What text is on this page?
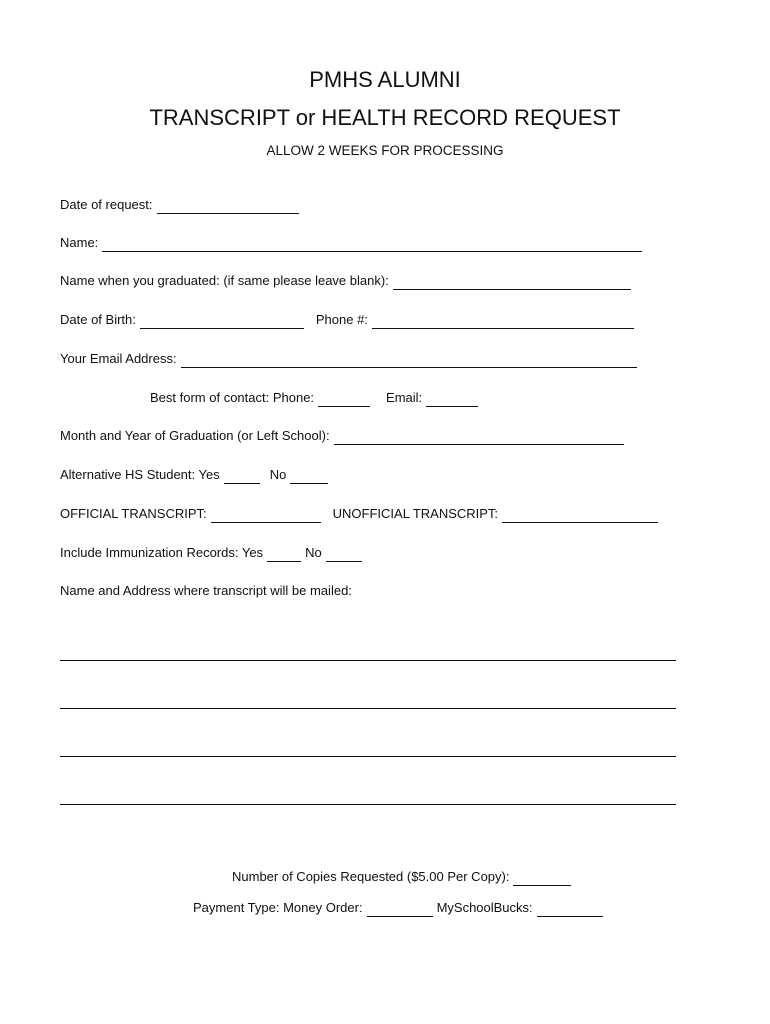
PMHS ALUMNI
TRANSCRIPT or HEALTH RECORD REQUEST
ALLOW 2 WEEKS FOR PROCESSING
Date of request:
Name:
Name when you graduated: (if same please leave blank):
Date of Birth:	Phone #:
Your Email Address:
Best form of contact: Phone:	Email:
Month and Year of Graduation (or Left School):
Alternative HS Student: Yes	No
OFFICIAL TRANSCRIPT:	UNOFFICIAL TRANSCRIPT:
Include Immunization Records: Yes	No
Name and Address where transcript will be mailed:
Number of Copies Requested ($5.00 Per Copy):
Payment Type: Money Order:	MySchoolBucks:
